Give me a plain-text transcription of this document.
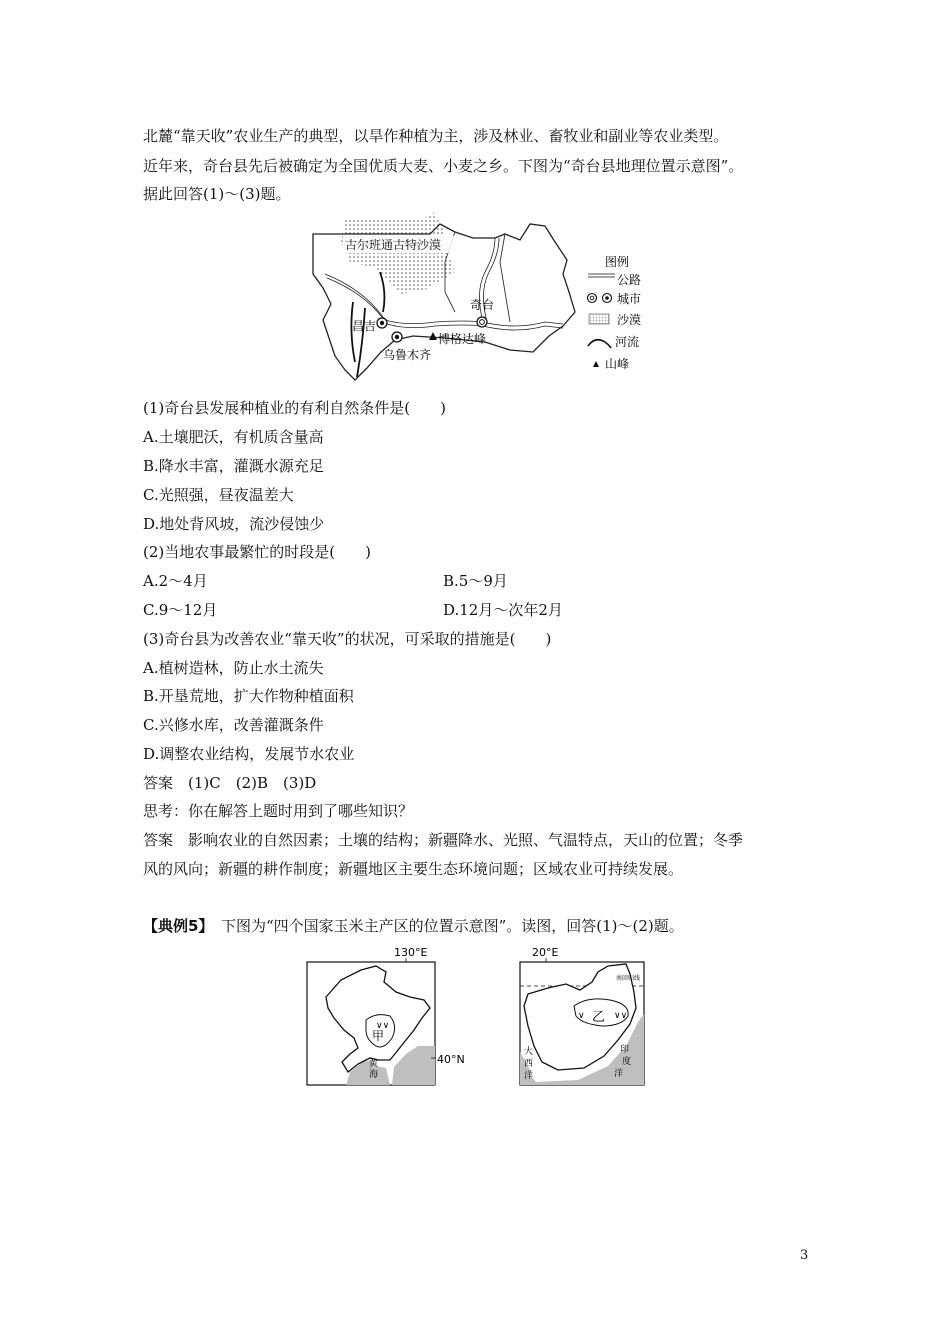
北麓“靠天收”农业生产的典型，以旱作种植为主，涉及林业、畜牧业和副业等农业类型。
近年来，奇台县先后被确定为全国优质大麦、小麦之乡。下图为“奇台县地理位置示意图”。
据此回答(1)～(3)题。
古尔班通古特沙漠
昌吉
乌鲁木齐
奇台
博格达峰
图例
公路
城市
沙漠
河流
山峰
(1)奇台县发展种植业的有利自然条件是(　　)
A.土壤肥沃，有机质含量高
B.降水丰富，灌溉水源充足
C.光照强，昼夜温差大
D.地处背风坡，流沙侵蚀少
(2)当地农事最繁忙的时段是(　　)
A.2～4月	B.5～9月
C.9～12月	D.12月～次年2月
(3)奇台县为改善农业“靠天收”的状况，可采取的措施是(　　)
A.植树造林，防止水土流失
B.开垦荒地，扩大作物种植面积
C.兴修水库，改善灌溉条件
D.调整农业结构，发展节水农业
答案　(1)C　(2)B　(3)D
思考：你在解答上题时用到了哪些知识？
答案　影响农业的自然因素；土壤的结构；新疆降水、光照、气温特点，天山的位置；冬季
风的风向；新疆的耕作制度；新疆地区主要生态环境问题；区域农业可持续发展。
【典例5】　下图为“四个国家玉米主产区的位置示意图”。读图，回答(1)～(2)题。
∨∨
甲
130°E
40°N
黄
海
∨	∨∨
乙
20°E
南回归线
大
西
洋
印
度
洋
3
